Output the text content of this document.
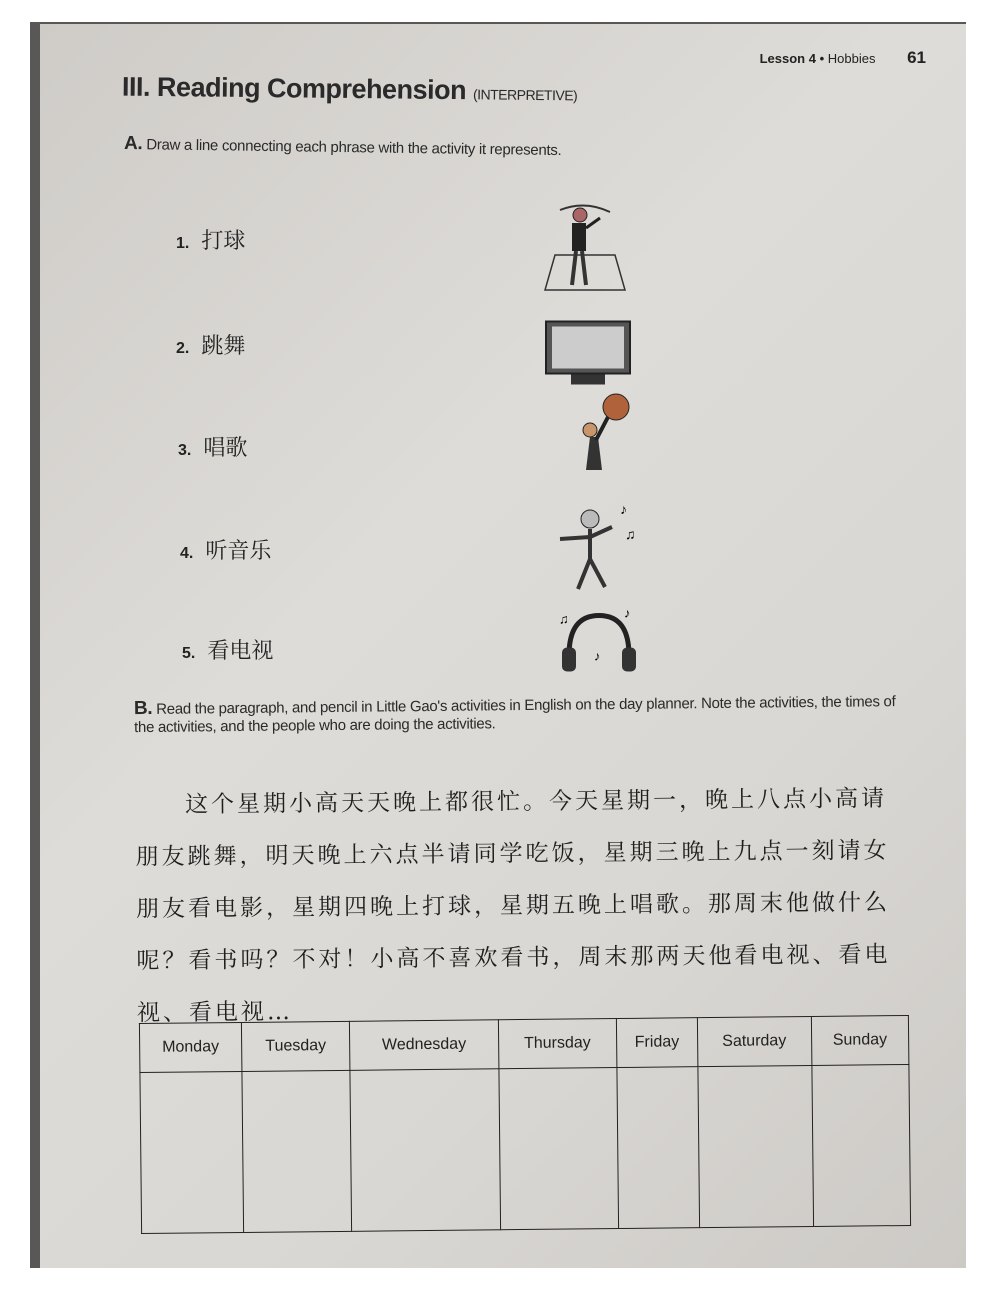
Lesson 4 • Hobbies 61
III. Reading Comprehension (INTERPRETIVE)
A. Draw a line connecting each phrase with the activity it represents.
1. 打球
2. 跳舞
3. 唱歌
4. 听音乐
5. 看电视
♪
♫
♫	♪
♪
B. Read the paragraph, and pencil in Little Gao's activities in English on the day planner. Note the activities, the times of the activities, and the people who are doing the activities.

这个星期小高天天晚上都很忙。今天星期一，晚上八点小高请朋友跳舞，明天晚上六点半请同学吃饭，星期三晚上九点一刻请女朋友看电影，星期四晚上打球，星期五晚上唱歌。那周末他做什么呢？看书吗？不对！小高不喜欢看书，周末那两天他看电视、看电视、看电视…

Monday	Tuesday	Wednesday	Thursday	Friday	Saturday	Sunday
